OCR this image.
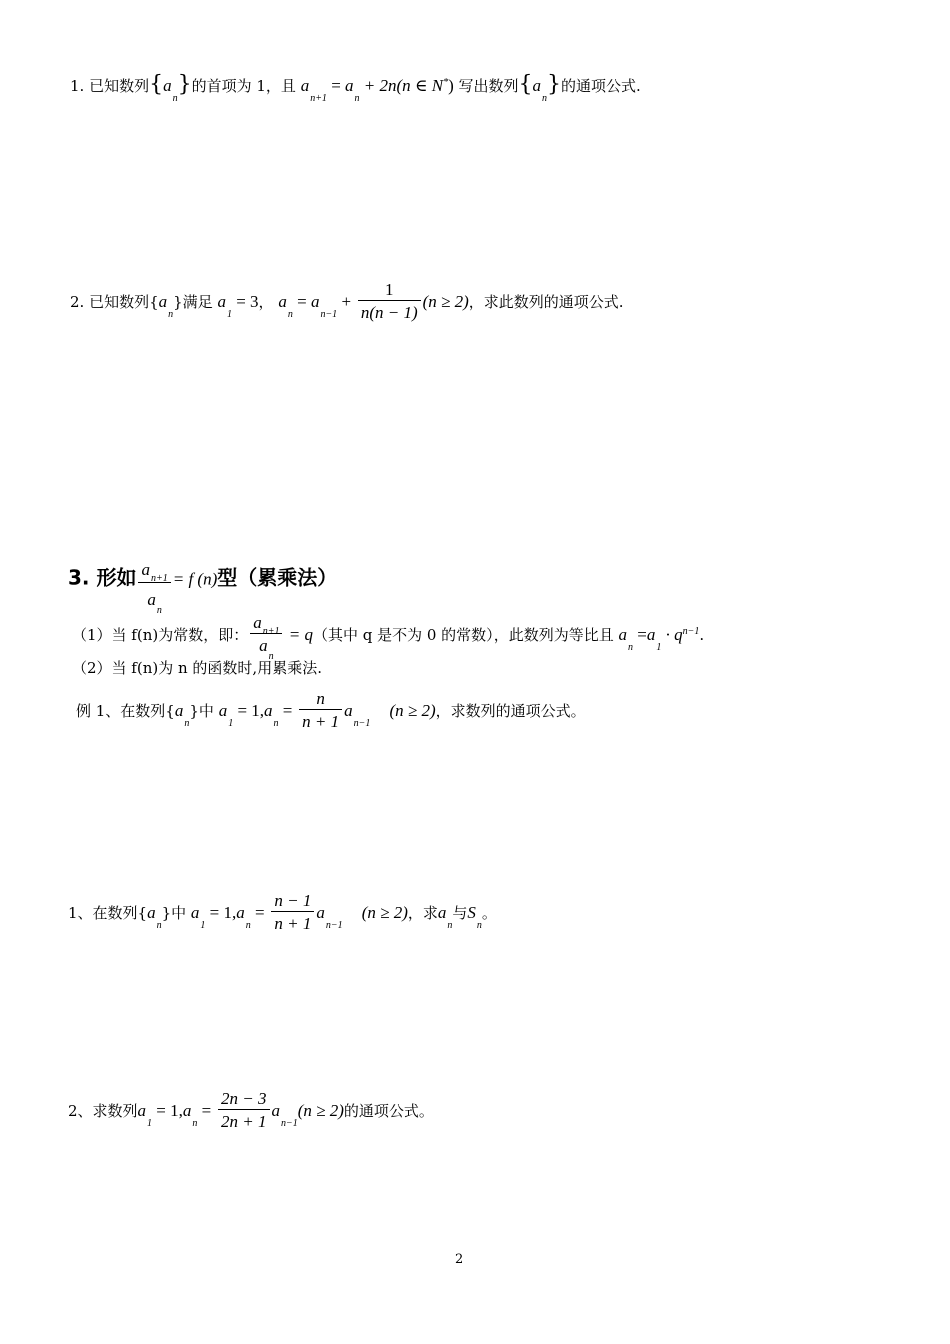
1. 已知数列$\{a_n\}$的首项为 1，且 $a_{n+1} = a_n + 2n(n$ ∈ N*) 写出数列$\{a_n\}$的通项公式.
2. 已知数列$\{a_n\}$满足 $a_1 = 3$， $a_n = a_{n-1} + \frac{1}{n(n - 1)} (n \ge 2)$，求此数列的通项公式.
3. 形如 $\frac{a_{n+1}}{a_n} = f$ (n)型（累乘法）
（1）当 f(n)为常数，即： $\frac{a_{n+1}}{a_n} = q$（其中 q 是不为 0 的常数），此数列为等比且 $a_n =a_1 \cdot q^{n-1}$.
（2）当 f(n)为 n 的函数时,用累乘法.
例 1、在数列$\{a_n\}$中 $a_1 = 1,a_n = \frac{n}{n + 1} a_{n-1}$    (n ≥ 2)，求数列的通项公式。
1、在数列$\{a_n\}$中 $a_1 = 1,a_n = \frac{n - 1}{n + 1} a_{n-1}$    (n ≥ 2)，求$a_n$与$S_n$。
2、求数列$a_1 = 1,a_n = \frac{2n - 3}{2n + 1} a_{n-1}(n \ge 2)$的通项公式。
2
